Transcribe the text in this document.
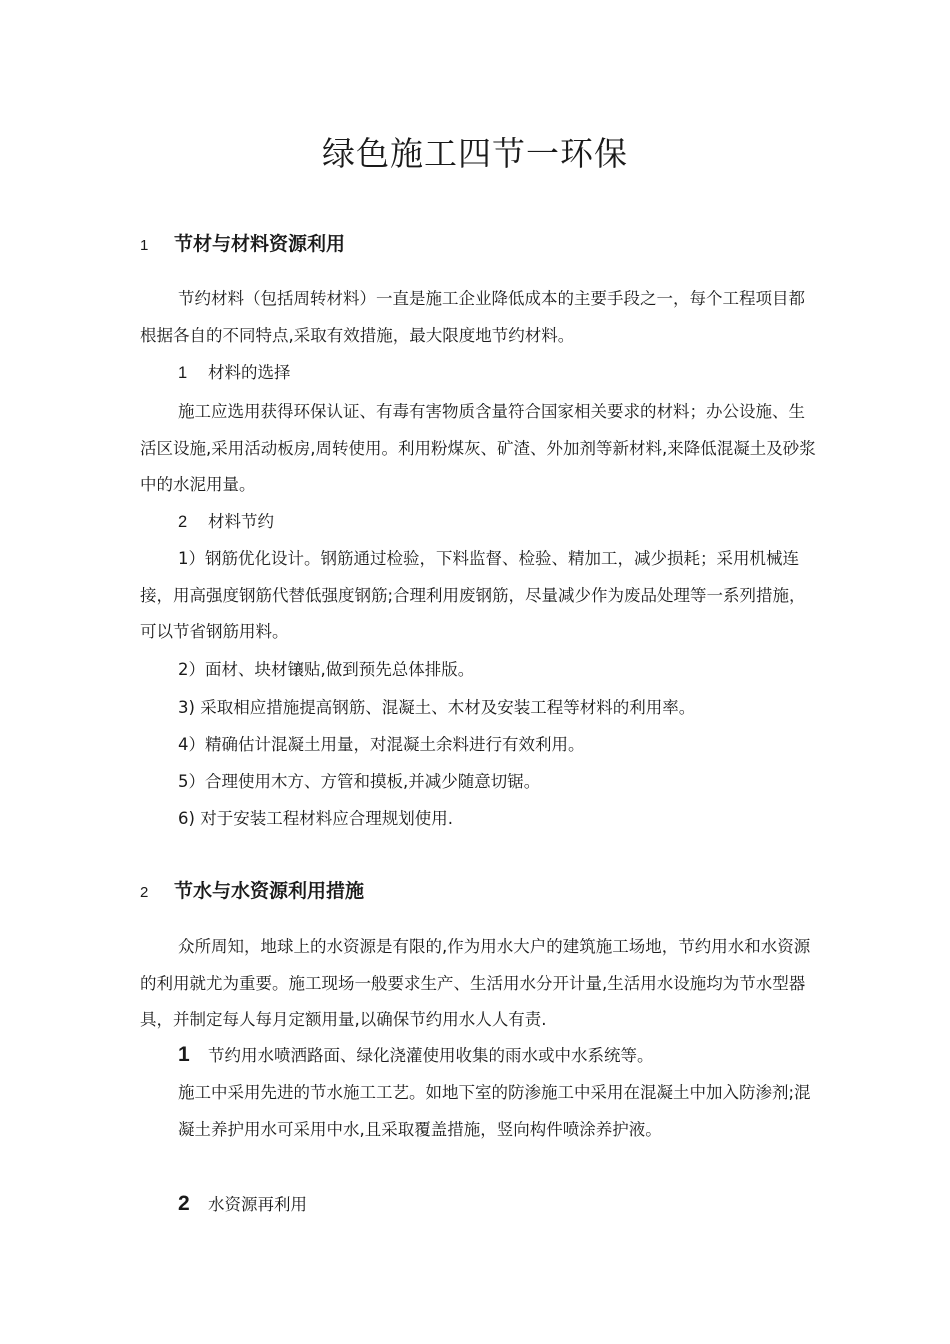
绿色施工四节一环保
1 节材与材料资源利用
节约材料（包括周转材料）一直是施工企业降低成本的主要手段之一，每个工程项目都根据各自的不同特点,采取有效措施，最大限度地节约材料。
1 材料的选择
施工应选用获得环保认证、有毒有害物质含量符合国家相关要求的材料；办公设施、生活区设施,采用活动板房,周转使用。利用粉煤灰、矿渣、外加剂等新材料,来降低混凝土及砂浆中的水泥用量。
2 材料节约
1）钢筋优化设计。钢筋通过检验，下料监督、检验、精加工，减少损耗；采用机械连接，用高强度钢筋代替低强度钢筋;合理利用废钢筋，尽量减少作为废品处理等一系列措施，可以节省钢筋用料。
2）面材、块材镶贴,做到预先总体排版。
3) 采取相应措施提高钢筋、混凝土、木材及安装工程等材料的利用率。
4）精确估计混凝土用量，对混凝土余料进行有效利用。
5）合理使用木方、方管和摸板,并减少随意切锯。
6) 对于安装工程材料应合理规划使用.
2 节水与水资源利用措施
众所周知，地球上的水资源是有限的,作为用水大户的建筑施工场地，节约用水和水资源的利用就尤为重要。施工现场一般要求生产、生活用水分开计量,生活用水设施均为节水型器具，并制定每人每月定额用量,以确保节约用水人人有责.
1 节约用水喷洒路面、绿化浇灌使用收集的雨水或中水系统等。
施工中采用先进的节水施工工艺。如地下室的防渗施工中采用在混凝土中加入防渗剂;混凝土养护用水可采用中水,且采取覆盖措施，竖向构件喷涂养护液。
2 水资源再利用
